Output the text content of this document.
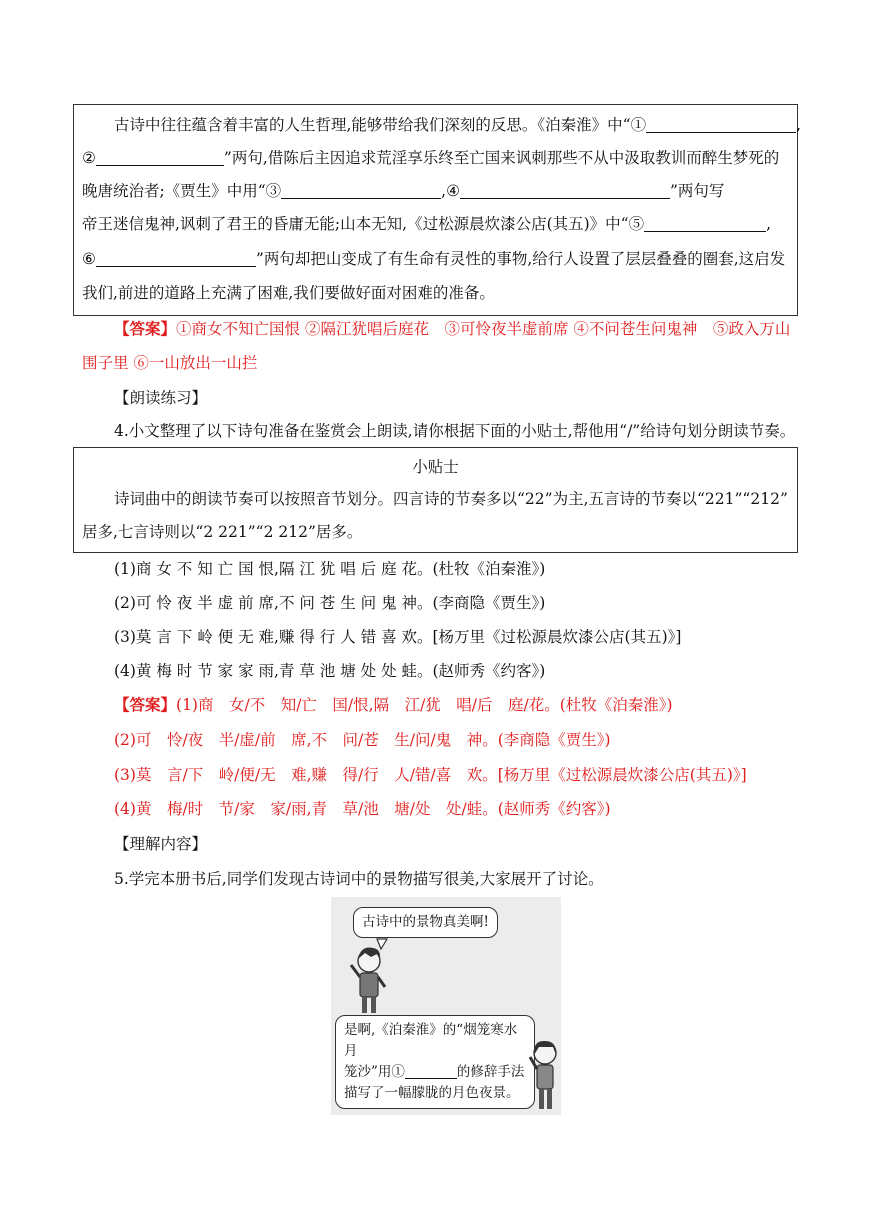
古诗中往往蕴含着丰富的人生哲理,能够带给我们深刻的反思。《泊秦淮》中“①	,
②	”两句,借陈后主因追求荒淫享乐终至亡国来讽刺那些不从中汲取教训而醉生梦死的
晚唐统治者;《贾生》中用“③	,④	”两句写
帝王迷信鬼神,讽刺了君王的昏庸无能;山本无知,《过松源晨炊漆公店(其五)》中“⑤	,
⑥	”两句却把山变成了有生命有灵性的事物,给行人设置了层层叠叠的圈套,这启发
我们,前进的道路上充满了困难,我们要做好面对困难的准备。
【答案】①商女不知亡国恨 ②隔江犹唱后庭花　③可怜夜半虚前席 ④不问苍生问鬼神　⑤政入万山
围子里 ⑥一山放出一山拦
【朗读练习】
4.小文整理了以下诗句准备在鉴赏会上朗读,请你根据下面的小贴士,帮他用“/”给诗句划分朗读节奏。
小贴士
诗词曲中的朗读节奏可以按照音节划分。四言诗的节奏多以“22”为主,五言诗的节奏以“221”“212”
居多,七言诗则以“2 221”“2 212”居多。
(1)商 女 不 知 亡 国 恨,隔 江 犹 唱 后 庭 花。(杜牧《泊秦淮》)
(2)可 怜 夜 半 虚 前 席,不 问 苍 生 问 鬼 神。(李商隐《贾生》)
(3)莫 言 下 岭 便 无 难,赚 得 行 人 错 喜 欢。[杨万里《过松源晨炊漆公店(其五)》]
(4)黄 梅 时 节 家 家 雨,青 草 池 塘 处 处 蛙。(赵师秀《约客》)
【答案】(1)商　女/不　知/亡　国/恨,隔　江/犹　唱/后　庭/花。(杜牧《泊秦淮》)
(2)可　怜/夜　半/虚/前　席,不　问/苍　生/问/鬼　神。(李商隐《贾生》)
(3)莫　言/下　岭/便/无　难,赚　得/行　人/错/喜　欢。[杨万里《过松源晨炊漆公店(其五)》]
(4)黄　梅/时　节/家　家/雨,青　草/池　塘/处　处/蛙。(赵师秀《约客》)
【理解内容】
5.学完本册书后,同学们发现古诗词中的景物描写很美,大家展开了讨论。
古诗中的景物真美啊!
是啊,《泊秦淮》的“烟笼寒水月
笼沙”用①	的修辞手法
描写了一幅朦胧的月色夜景。
